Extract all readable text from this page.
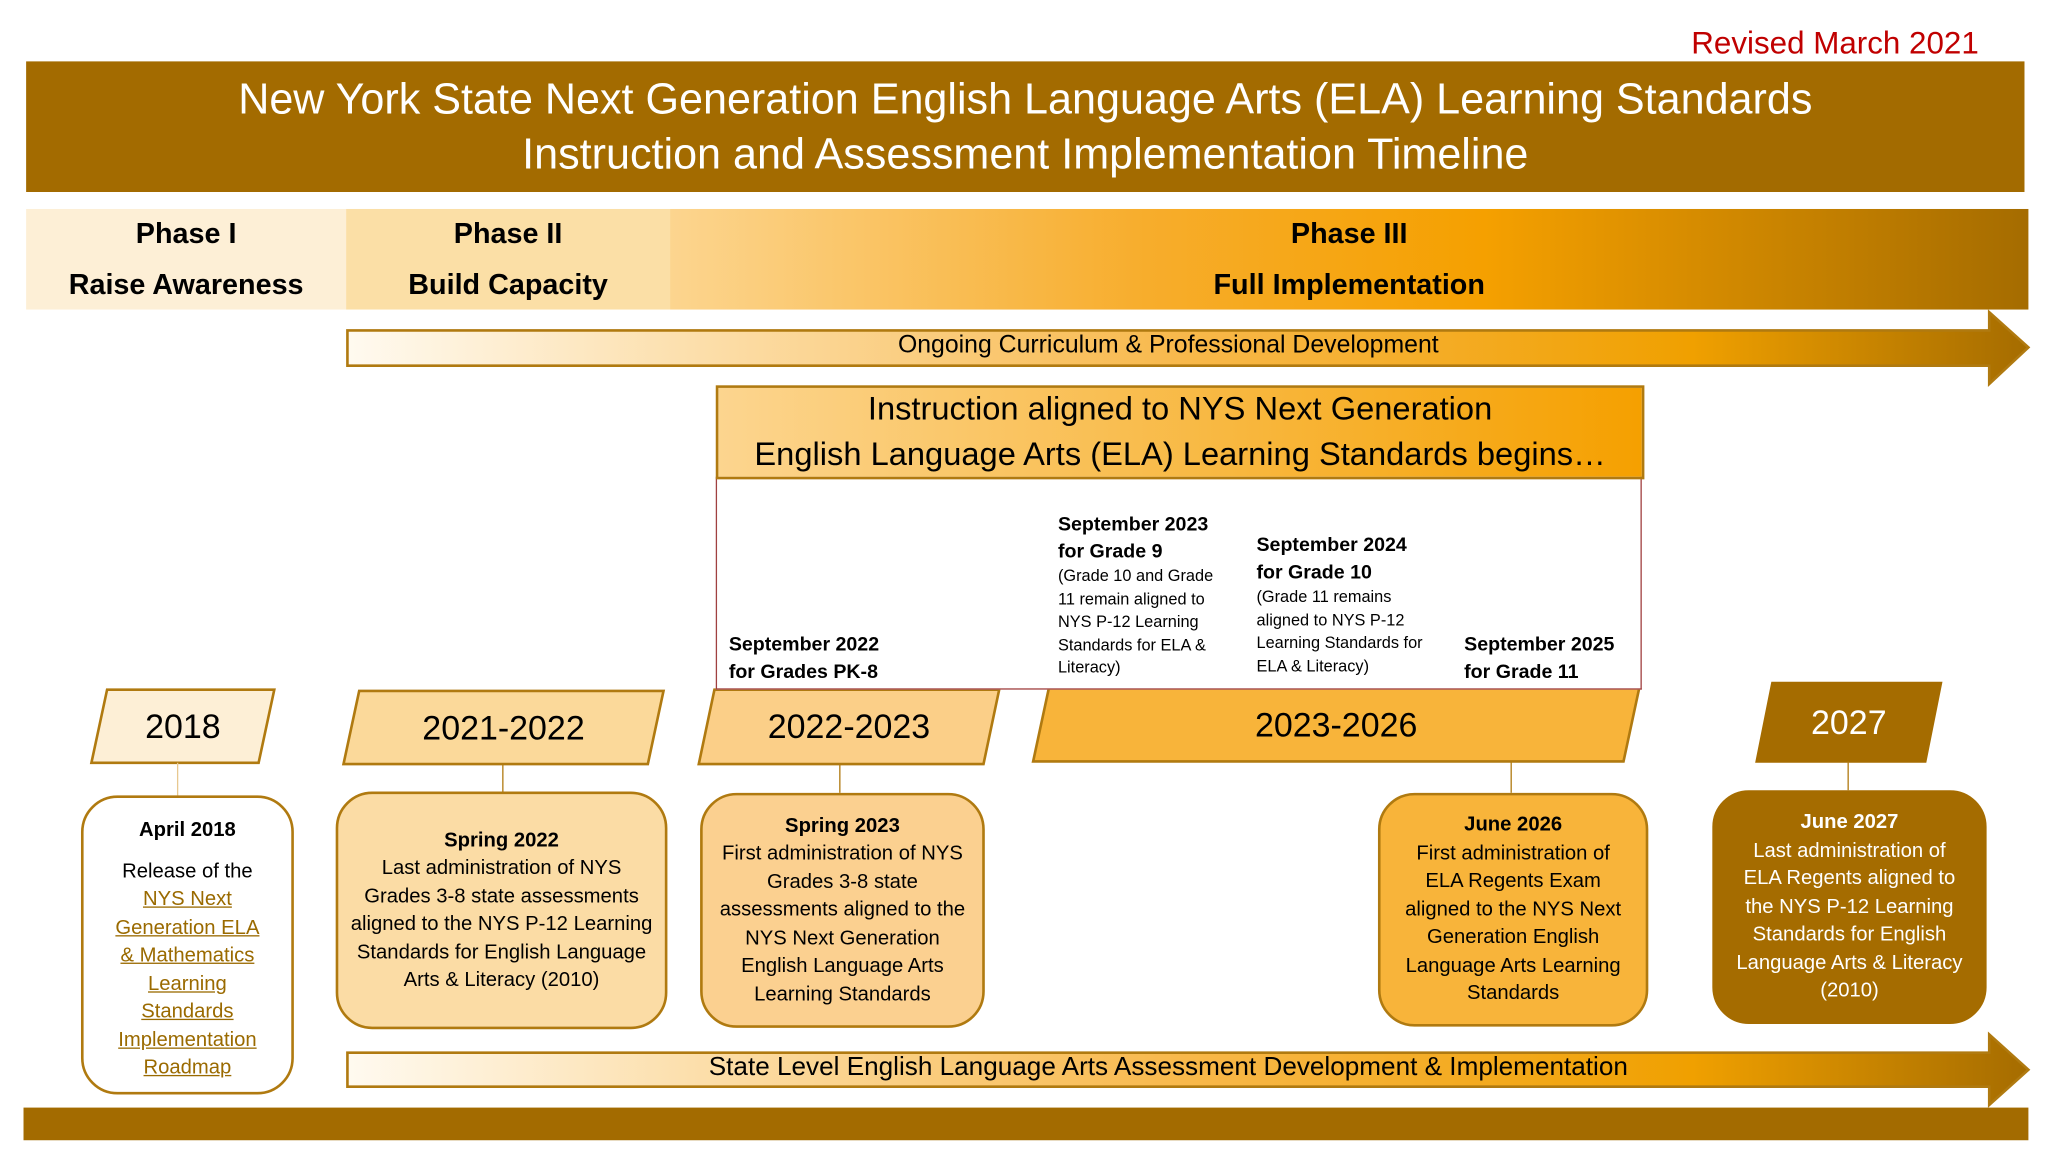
Revised March 2021
New York State Next Generation English Language Arts (ELA) Learning Standards
Instruction and Assessment Implementation Timeline
Phase I
Raise Awareness
Phase II
Build Capacity
Phase III
Full Implementation
Ongoing Curriculum & Professional Development
State Level English Language Arts Assessment Development & Implementation
Instruction aligned to NYS Next Generation
English Language Arts (ELA) Learning Standards begins…
September 2022
for Grades PK-8
September 2023
for Grade 9
(Grade 10 and Grade 11 remain aligned to NYS P-12 Learning Standards for ELA & Literacy)
September 2024
for Grade 10
(Grade 11 remains aligned to NYS P-12 Learning Standards for ELA & Literacy)
September 2025
for Grade 11
2018	2021-2022	2022-2023	2023-2026	2027
April 2018
Release of the
NYS Next Generation ELA & Mathematics Learning Standards Implementation Roadmap
Spring 2022
Last administration of NYS Grades 3-8 state assessments aligned to the NYS P-12 Learning Standards for English Language Arts & Literacy (2010)
Spring 2023
First administration of NYS Grades 3-8 state assessments aligned to the NYS Next Generation English Language Arts Learning Standards
June 2026
First administration of ELA Regents Exam aligned to the NYS Next Generation English Language Arts Learning Standards
June 2027
Last administration of ELA Regents aligned to the NYS P-12 Learning Standards for English Language Arts & Literacy (2010)
